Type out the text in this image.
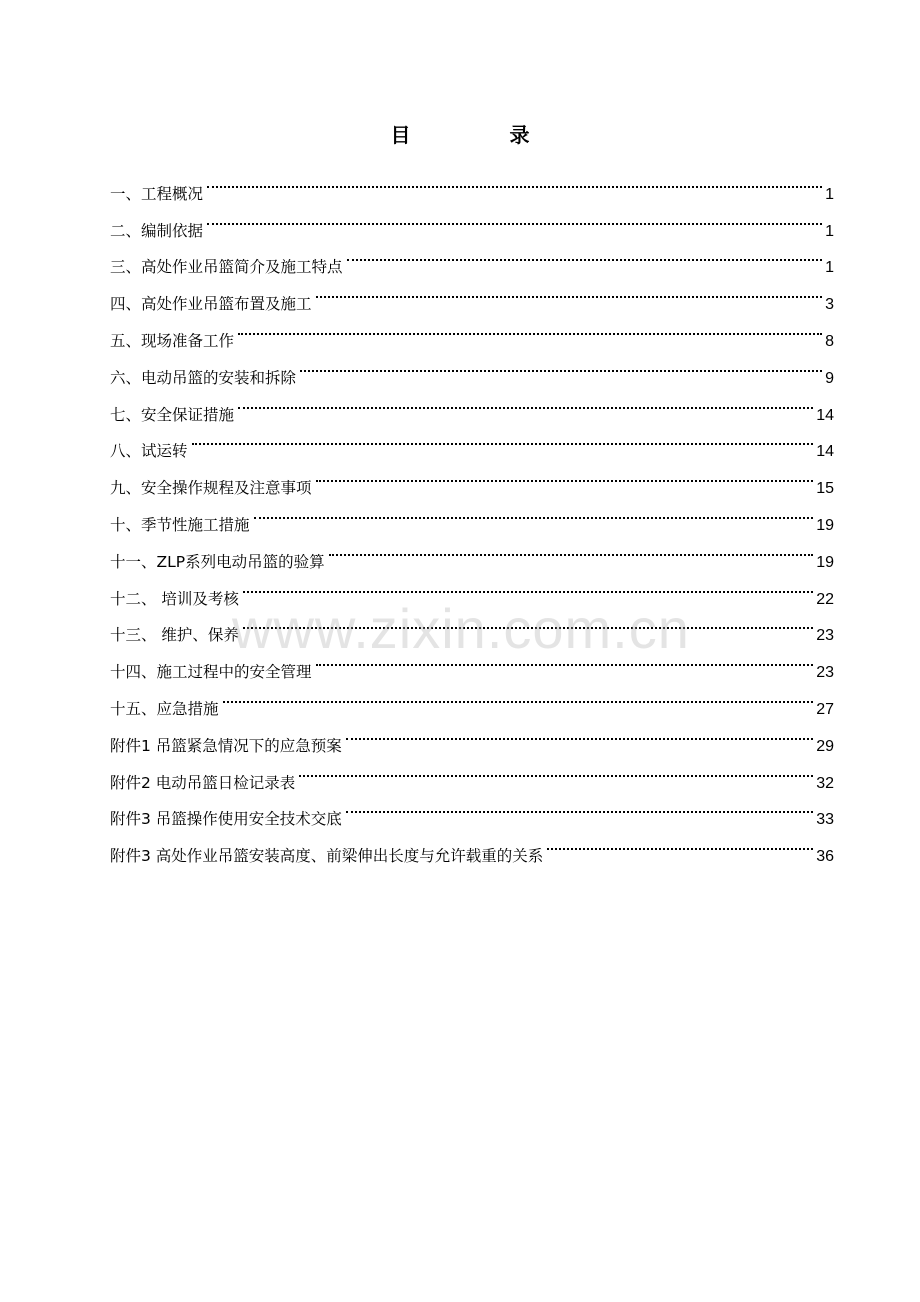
目 录
一、工程概况	1
二、编制依据	1
三、高处作业吊篮简介及施工特点	1
四、高处作业吊篮布置及施工	3
五、现场准备工作	8
六、电动吊篮的安装和拆除	9
七、安全保证措施	14
八、试运转	14
九、安全操作规程及注意事项	15
十、季节性施工措施	19
十一、ZLP系列电动吊篮的验算	19
十二、 培训及考核	22
十三、 维护、保养	23
十四、施工过程中的安全管理	23
十五、应急措施	27
附件1 吊篮紧急情况下的应急预案	29
附件2 电动吊篮日检记录表	32
附件3 吊篮操作使用安全技术交底	33
附件3 高处作业吊篮安装高度、前梁伸出长度与允许载重的关系	36
www.zixin.com.cn
